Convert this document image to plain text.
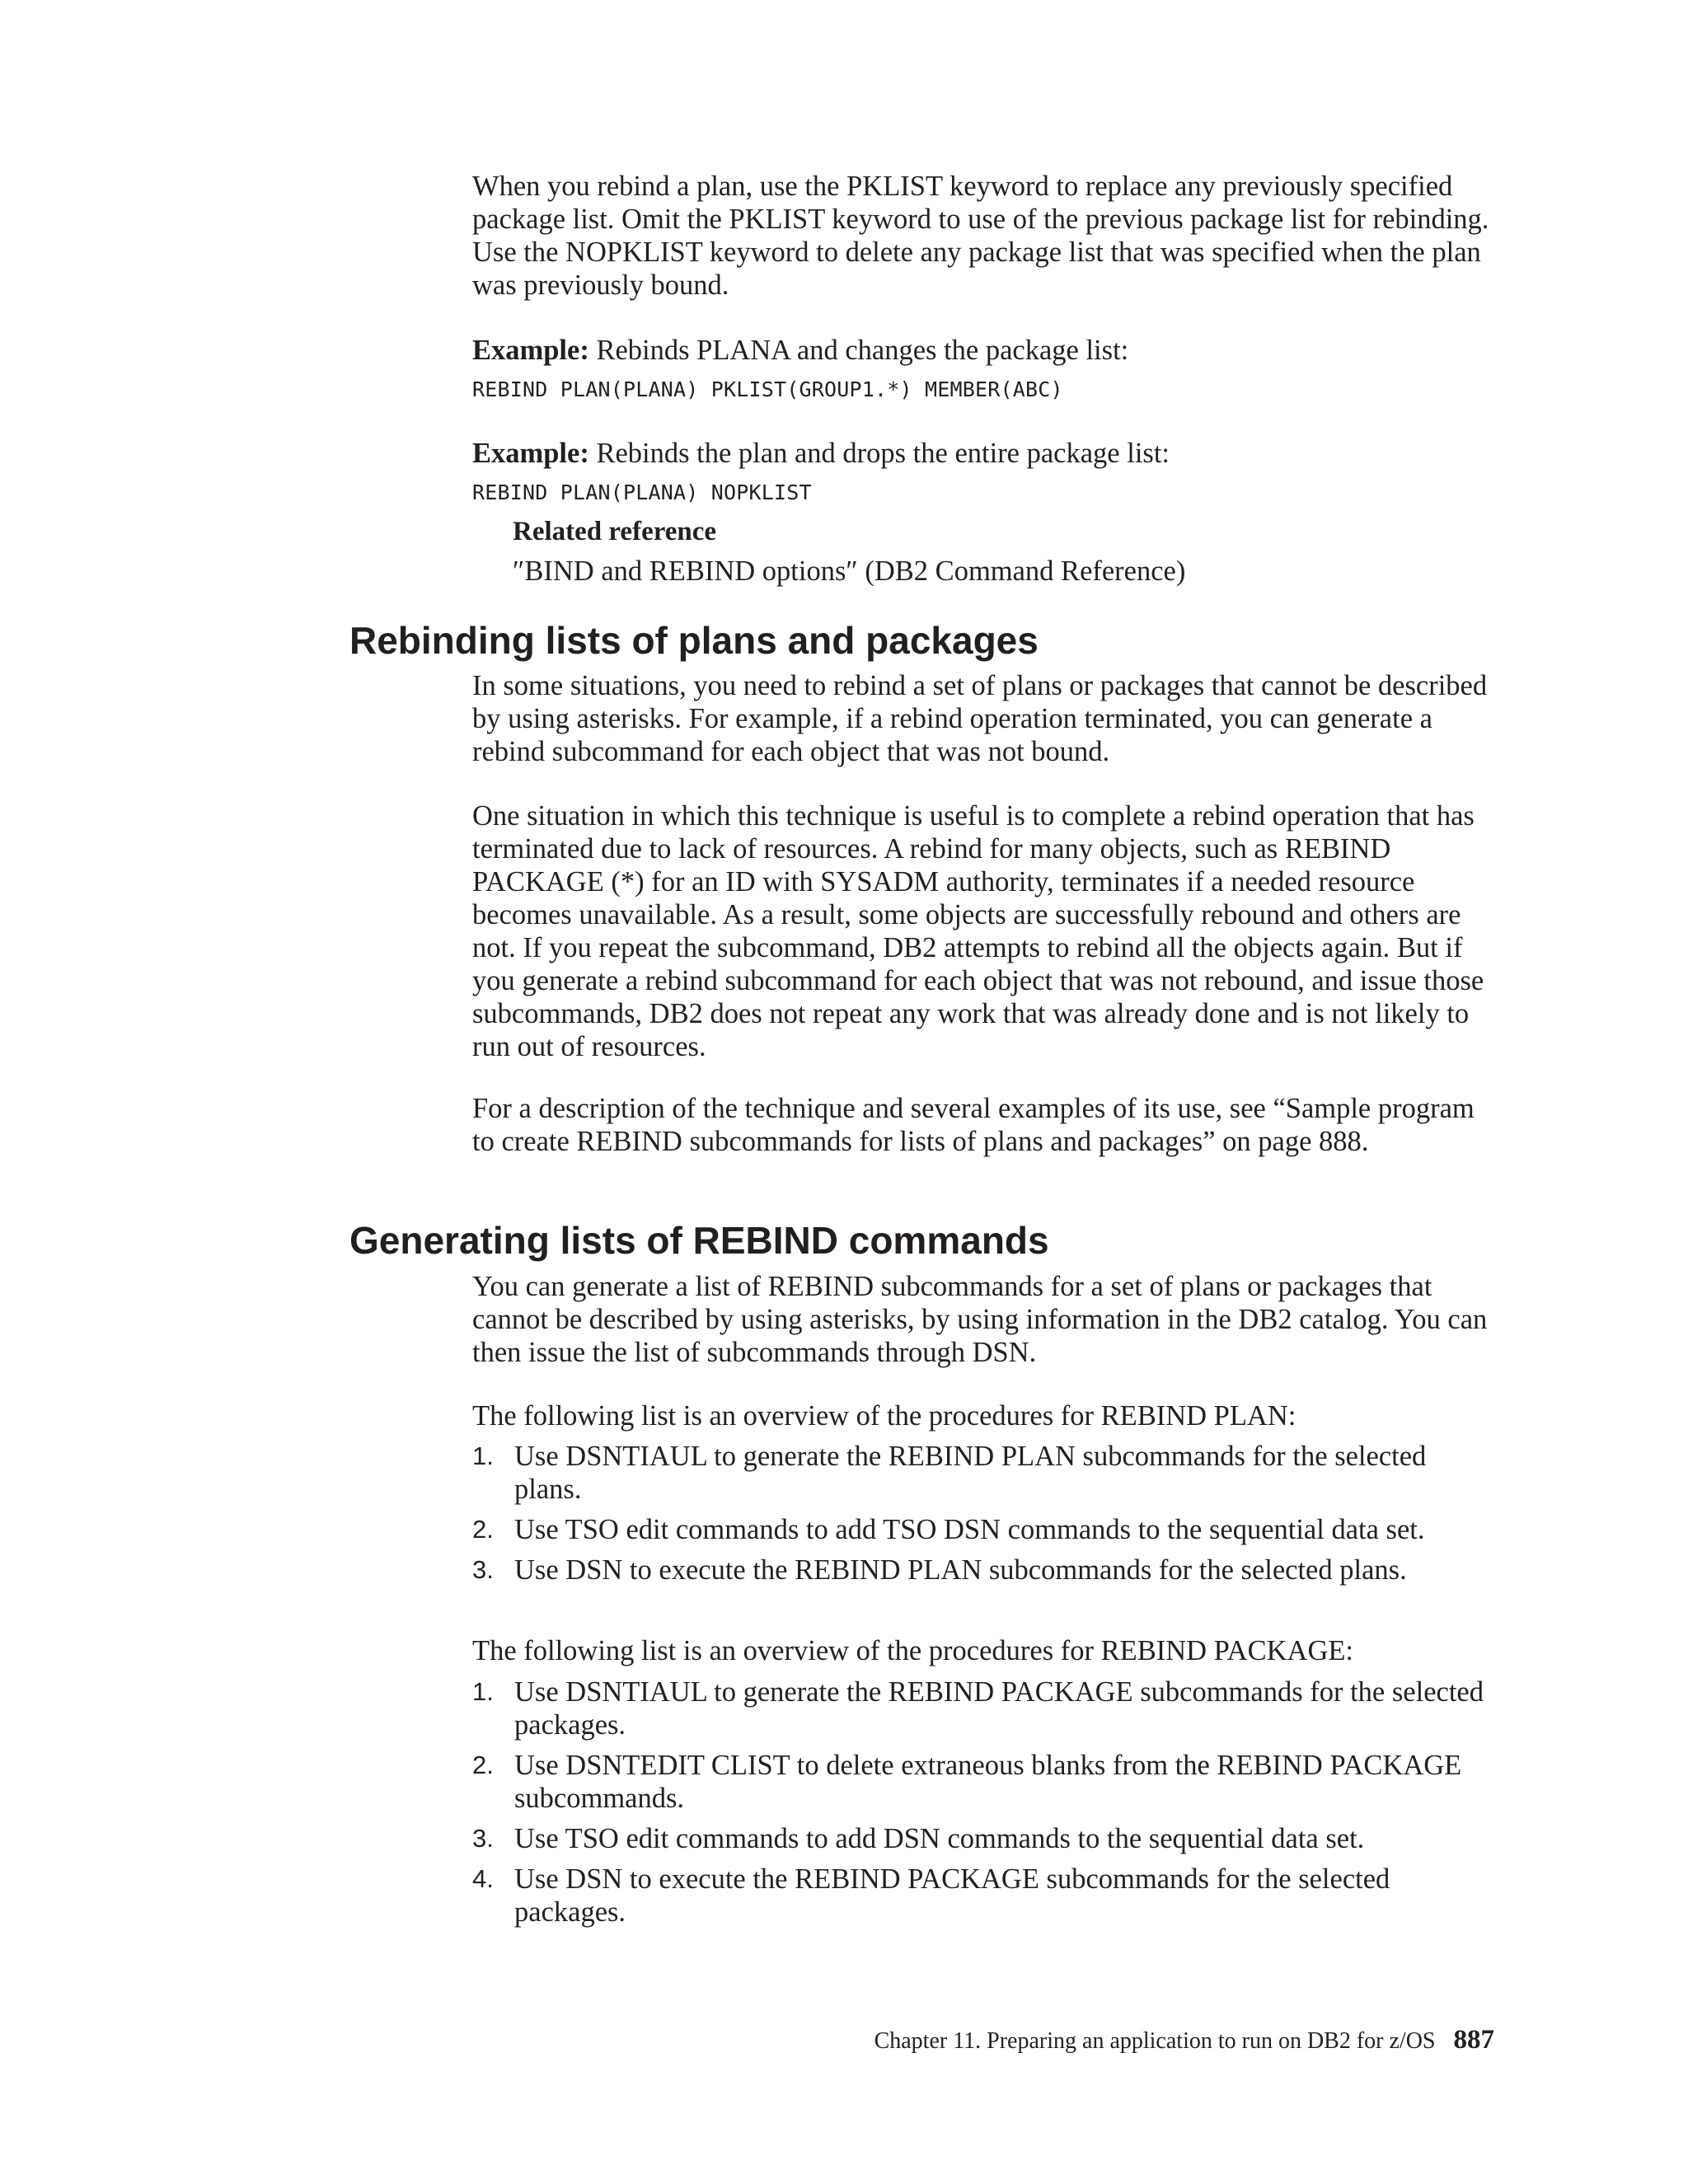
When you rebind a plan, use the PKLIST keyword to replace any previously specified package list. Omit the PKLIST keyword to use of the previous package list for rebinding. Use the NOPKLIST keyword to delete any package list that was specified when the plan was previously bound.

Example: Rebinds PLANA and changes the package list:

REBIND PLAN(PLANA) PKLIST(GROUP1.*) MEMBER(ABC)

Example: Rebinds the plan and drops the entire package list:

REBIND PLAN(PLANA) NOPKLIST

Related reference

″BIND and REBIND options″ (DB2 Command Reference)

Rebinding lists of plans and packages

In some situations, you need to rebind a set of plans or packages that cannot be described by using asterisks. For example, if a rebind operation terminated, you can generate a rebind subcommand for each object that was not bound.

One situation in which this technique is useful is to complete a rebind operation that has terminated due to lack of resources. A rebind for many objects, such as REBIND PACKAGE (*) for an ID with SYSADM authority, terminates if a needed resource becomes unavailable. As a result, some objects are successfully rebound and others are not. If you repeat the subcommand, DB2 attempts to rebind all the objects again. But if you generate a rebind subcommand for each object that was not rebound, and issue those subcommands, DB2 does not repeat any work that was already done and is not likely to run out of resources.

For a description of the technique and several examples of its use, see “Sample program to create REBIND subcommands for lists of plans and packages” on page 888.

Generating lists of REBIND commands

You can generate a list of REBIND subcommands for a set of plans or packages that cannot be described by using asterisks, by using information in the DB2 catalog. You can then issue the list of subcommands through DSN.

The following list is an overview of the procedures for REBIND PLAN:

1. Use DSNTIAUL to generate the REBIND PLAN subcommands for the selected plans.
2. Use TSO edit commands to add TSO DSN commands to the sequential data set.
3. Use DSN to execute the REBIND PLAN subcommands for the selected plans.

The following list is an overview of the procedures for REBIND PACKAGE:

1. Use DSNTIAUL to generate the REBIND PACKAGE subcommands for the selected packages.
2. Use DSNTEDIT CLIST to delete extraneous blanks from the REBIND PACKAGE subcommands.
3. Use TSO edit commands to add DSN commands to the sequential data set.
4. Use DSN to execute the REBIND PACKAGE subcommands for the selected packages.
Chapter 11. Preparing an application to run on DB2 for z/OS 887
